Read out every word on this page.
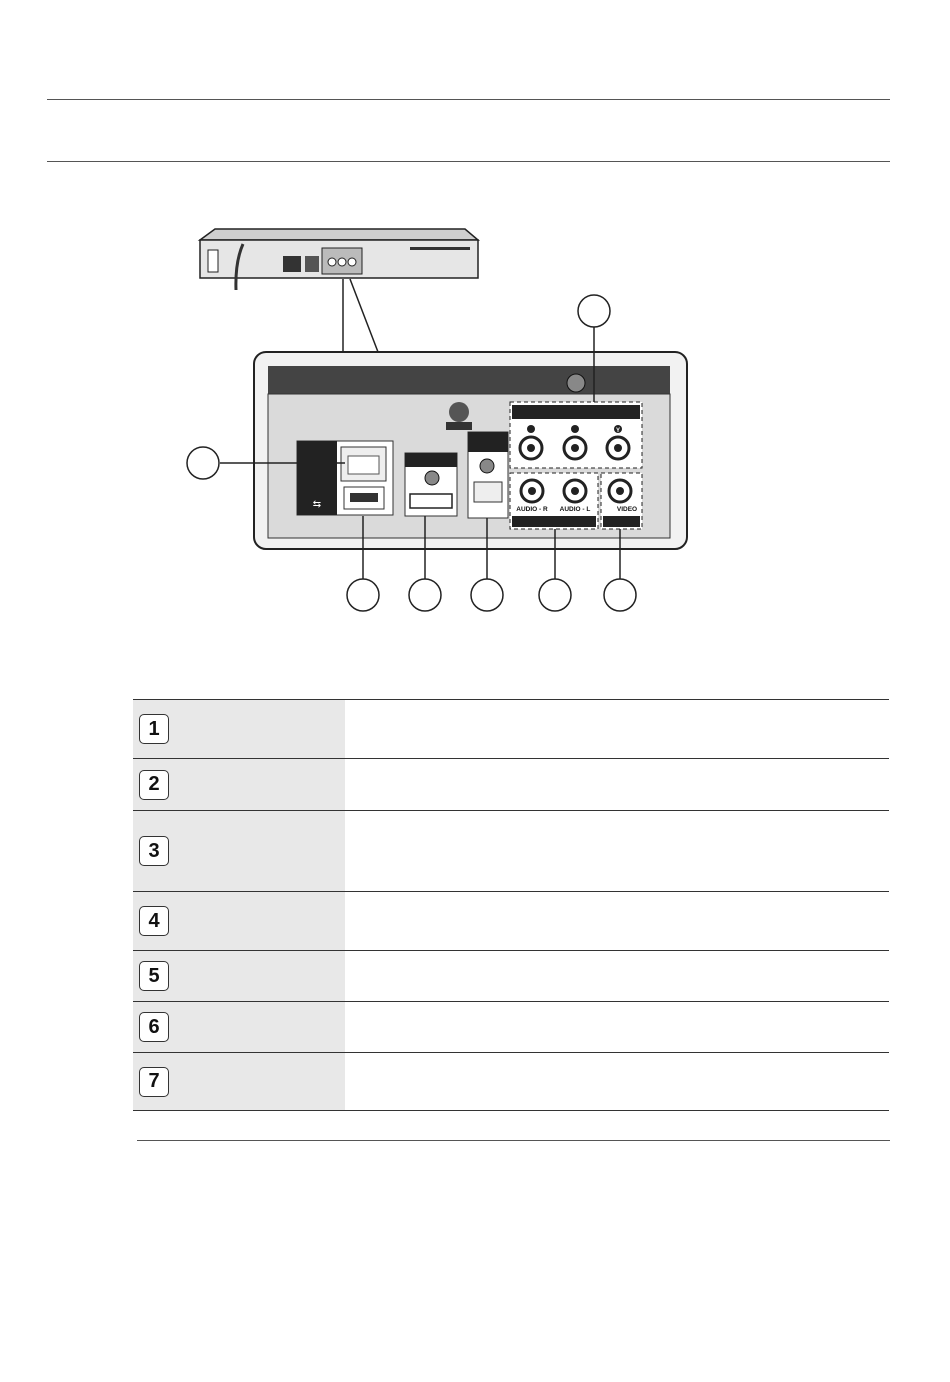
⇆
Y
AUDIO - R AUDIO - L	VIDEO
1
2
3
4
5
6
7
